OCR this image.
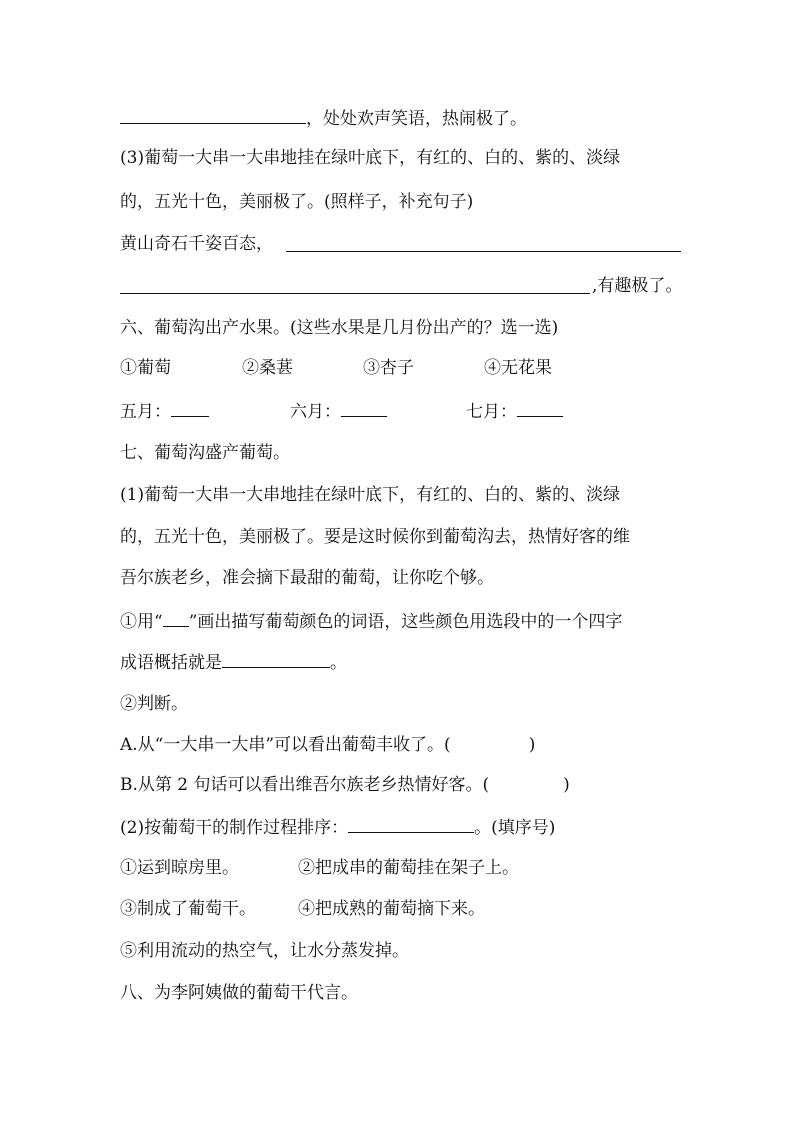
，处处欢声笑语，热闹极了。
(3)葡萄一大串一大串地挂在绿叶底下，有红的、白的、紫的、淡绿
的，五光十色，美丽极了。(照样子，补充句子)
黄山奇石千姿百态，
,有趣极了。
六、葡萄沟出产水果。(这些水果是几月份出产的？选一选)
①葡萄	②桑葚	③杏子	④无花果
五月：	六月：	七月：
七、葡萄沟盛产葡萄。
(1)葡萄一大串一大串地挂在绿叶底下，有红的、白的、紫的、淡绿
的，五光十色，美丽极了。要是这时候你到葡萄沟去，热情好客的维
吾尔族老乡，准会摘下最甜的葡萄，让你吃个够。
①用“ ”画出描写葡萄颜色的词语，这些颜色用选段中的一个四字
成语概括就是	。
②判断。
A.从“一大串一大串”可以看出葡萄丰收了。(	)
B.从第 2 句话可以看出维吾尔族老乡热情好客。(	)
(2)按葡萄干的制作过程排序：	。(填序号)
①运到晾房里。	②把成串的葡萄挂在架子上。
③制成了葡萄干。 ④把成熟的葡萄摘下来。
⑤利用流动的热空气，让水分蒸发掉。
八、为李阿姨做的葡萄干代言。
